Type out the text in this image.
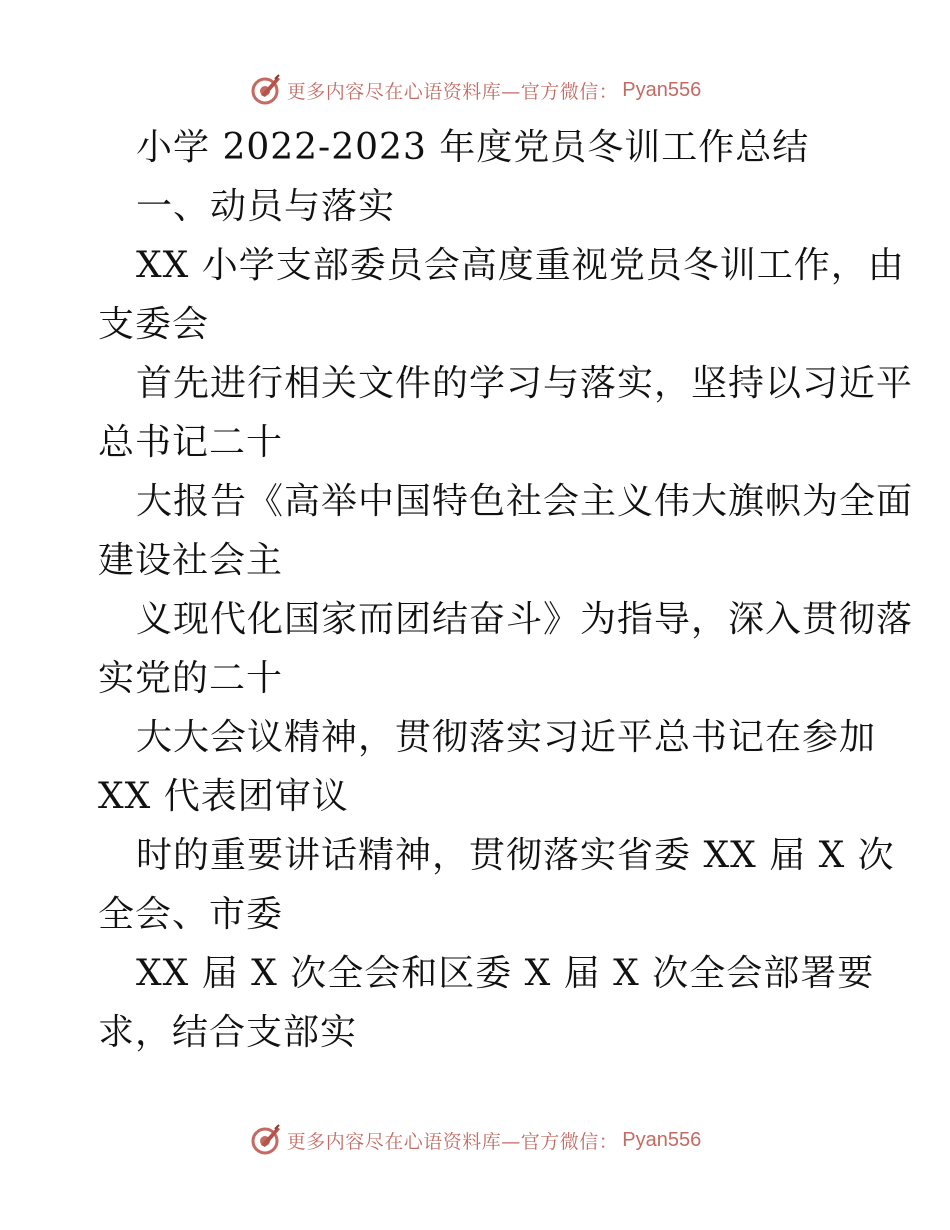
更多内容尽在心语资料库—官方微信： Pyan556
小学 2022-2023 年度党员冬训工作总结
一、动员与落实
XX 小学支部委员会高度重视党员冬训工作，由
支委会
首先进行相关文件的学习与落实，坚持以习近平
总书记二十
大报告《高举中国特色社会主义伟大旗帜为全面
建设社会主
义现代化国家而团结奋斗》为指导，深入贯彻落
实党的二十
大大会议精神，贯彻落实习近平总书记在参加
XX 代表团审议
时的重要讲话精神，贯彻落实省委 XX 届 X 次
全会、市委
XX 届 X 次全会和区委 X 届 X 次全会部署要
求，结合支部实
更多内容尽在心语资料库—官方微信： Pyan556
